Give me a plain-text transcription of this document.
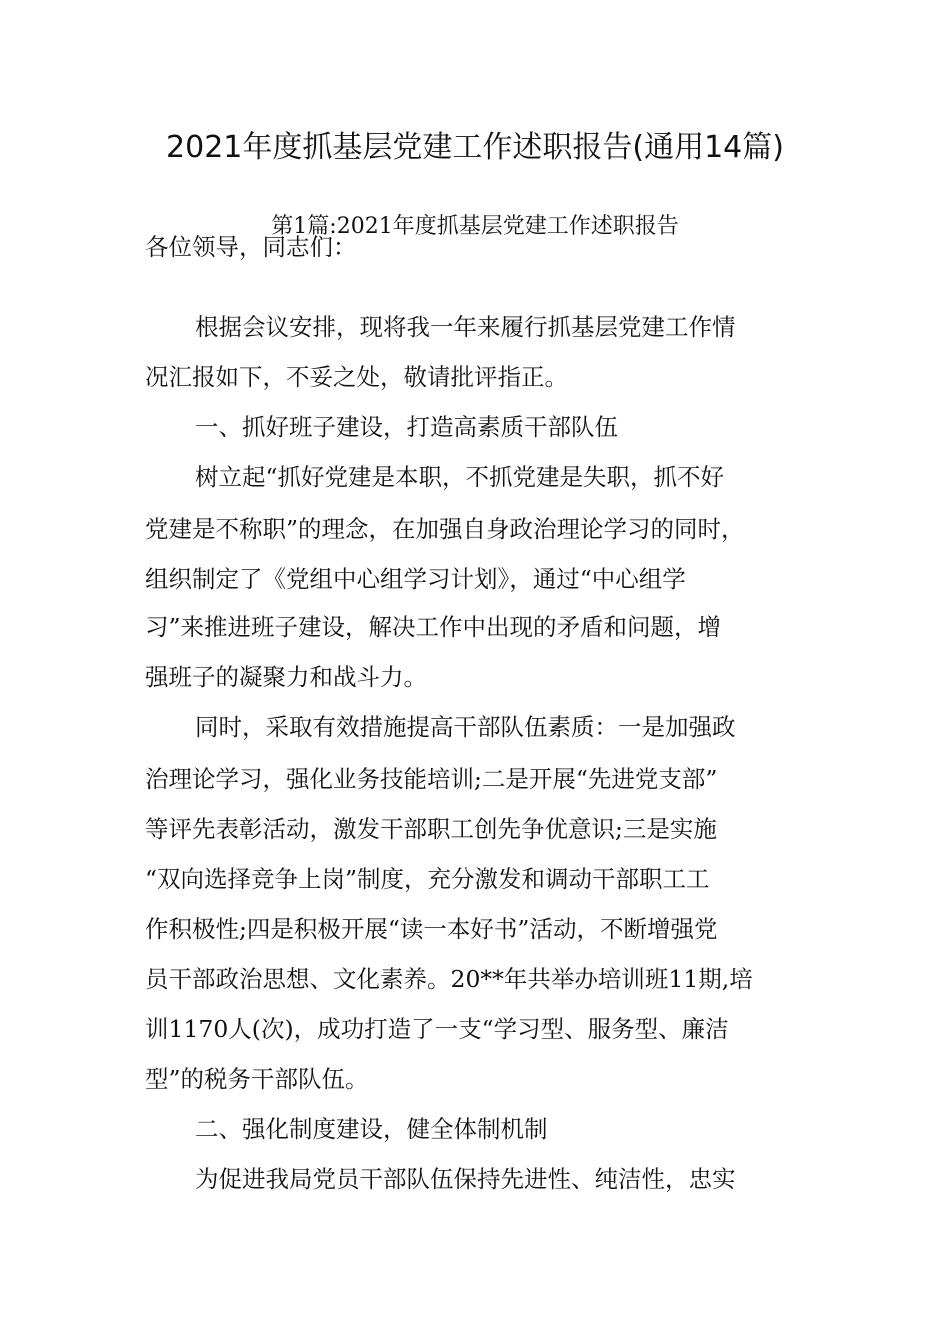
2021年度抓基层党建工作述职报告(通用14篇)
第1篇:2021年度抓基层党建工作述职报告
各位领导，同志们：
根据会议安排，现将我一年来履行抓基层党建工作情
况汇报如下，不妥之处，敬请批评指正。
一、抓好班子建设，打造高素质干部队伍
树立起“抓好党建是本职，不抓党建是失职，抓不好
党建是不称职”的理念，在加强自身政治理论学习的同时，
组织制定了《党组中心组学习计划》，通过“中心组学
习”来推进班子建设，解决工作中出现的矛盾和问题，增
强班子的凝聚力和战斗力。
同时，采取有效措施提高干部队伍素质：一是加强政
治理论学习，强化业务技能培训;二是开展“先进党支部”
等评先表彰活动，激发干部职工创先争优意识;三是实施
“双向选择竞争上岗”制度，充分激发和调动干部职工工
作积极性;四是积极开展“读一本好书”活动，不断增强党
员干部政治思想、文化素养。20**年共举办培训班11期,培
训1170人(次)，成功打造了一支“学习型、服务型、廉洁
型”的税务干部队伍。
二、强化制度建设，健全体制机制
为促进我局党员干部队伍保持先进性、纯洁性，忠实
